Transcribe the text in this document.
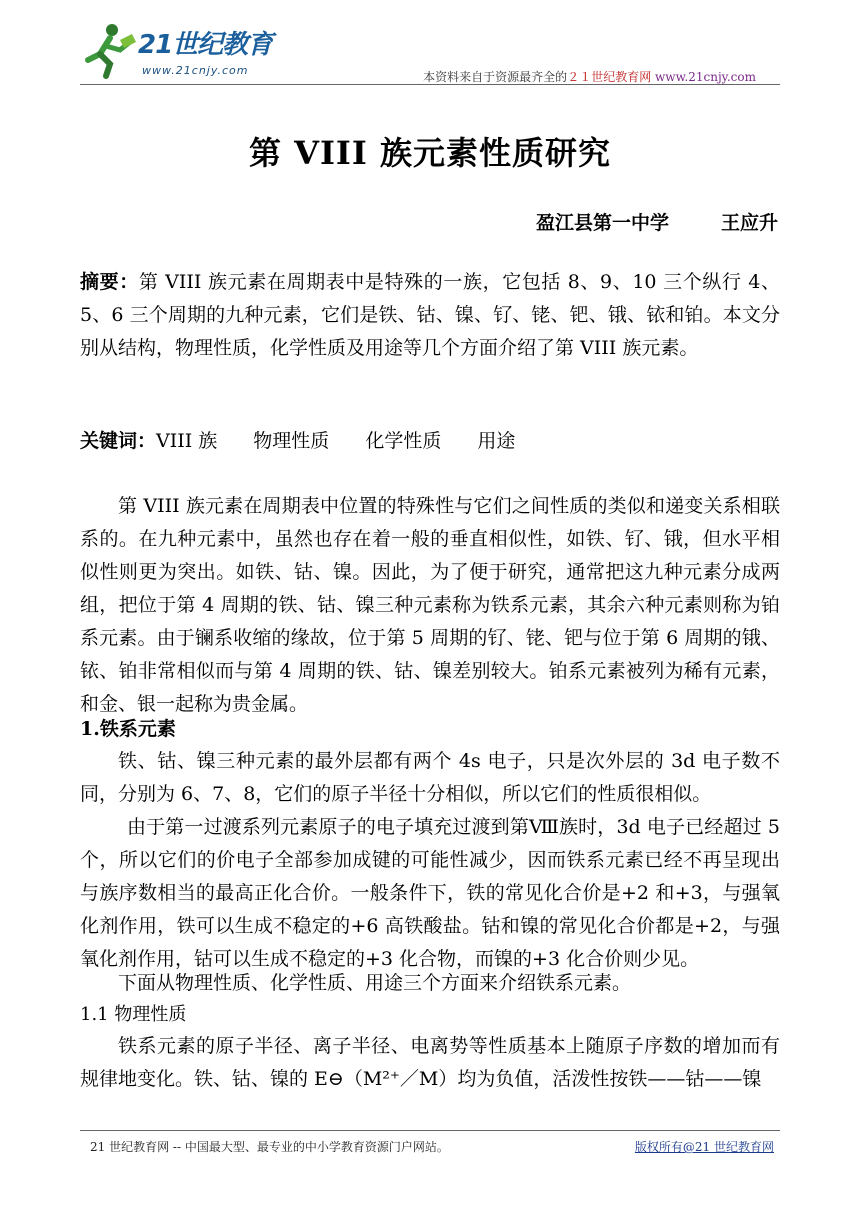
21世纪教育
www.21cnjy.com	本资料来自于资源最齐全的２１世纪教育网 www.21cnjy.com
第 VIII 族元素性质研究
盈江县第一中学	王应升
摘要：第 VIII 族元素在周期表中是特殊的一族，它包括 8、9、10 三个纵行 4、5、6 三个周期的九种元素，它们是铁、钴、镍、钌、铑、钯、锇、铱和铂。本文分别从结构，物理性质，化学性质及用途等几个方面介绍了第 VIII 族元素。
关键词：VIII 族 物理性质 化学性质 用途
第 VIII 族元素在周期表中位置的特殊性与它们之间性质的类似和递变关系相联系的。在九种元素中，虽然也存在着一般的垂直相似性，如铁、钌、锇，但水平相似性则更为突出。如铁、钴、镍。因此，为了便于研究，通常把这九种元素分成两组，把位于第 4 周期的铁、钴、镍三种元素称为铁系元素，其余六种元素则称为铂系元素。由于镧系收缩的缘故，位于第 5 周期的钌、铑、钯与位于第 6 周期的锇、铱、铂非常相似而与第 4 周期的铁、钴、镍差别较大。铂系元素被列为稀有元素，和金、银一起称为贵金属。
1.铁系元素
铁、钴、镍三种元素的最外层都有两个 4s 电子，只是次外层的 3d 电子数不同，分别为 6、7、8，它们的原子半径十分相似，所以它们的性质很相似。
由于第一过渡系列元素原子的电子填充过渡到第Ⅷ族时，3d 电子已经超过 5 个，所以它们的价电子全部参加成键的可能性减少，因而铁系元素已经不再呈现出与族序数相当的最高正化合价。一般条件下，铁的常见化合价是+2 和+3，与强氧化剂作用，铁可以生成不稳定的+6 高铁酸盐。钴和镍的常见化合价都是+2，与强氧化剂作用，钴可以生成不稳定的+3 化合物，而镍的+3 化合价则少见。
下面从物理性质、化学性质、用途三个方面来介绍铁系元素。
1.1 物理性质
铁系元素的原子半径、离子半径、电离势等性质基本上随原子序数的增加而有规律地变化。铁、钴、镍的 E⊖（M²⁺／M）均为负值，活泼性按铁——钴——镍
21 世纪教育网 -- 中国最大型、最专业的中小学教育资源门户网站。	版权所有@21 世纪教育网
